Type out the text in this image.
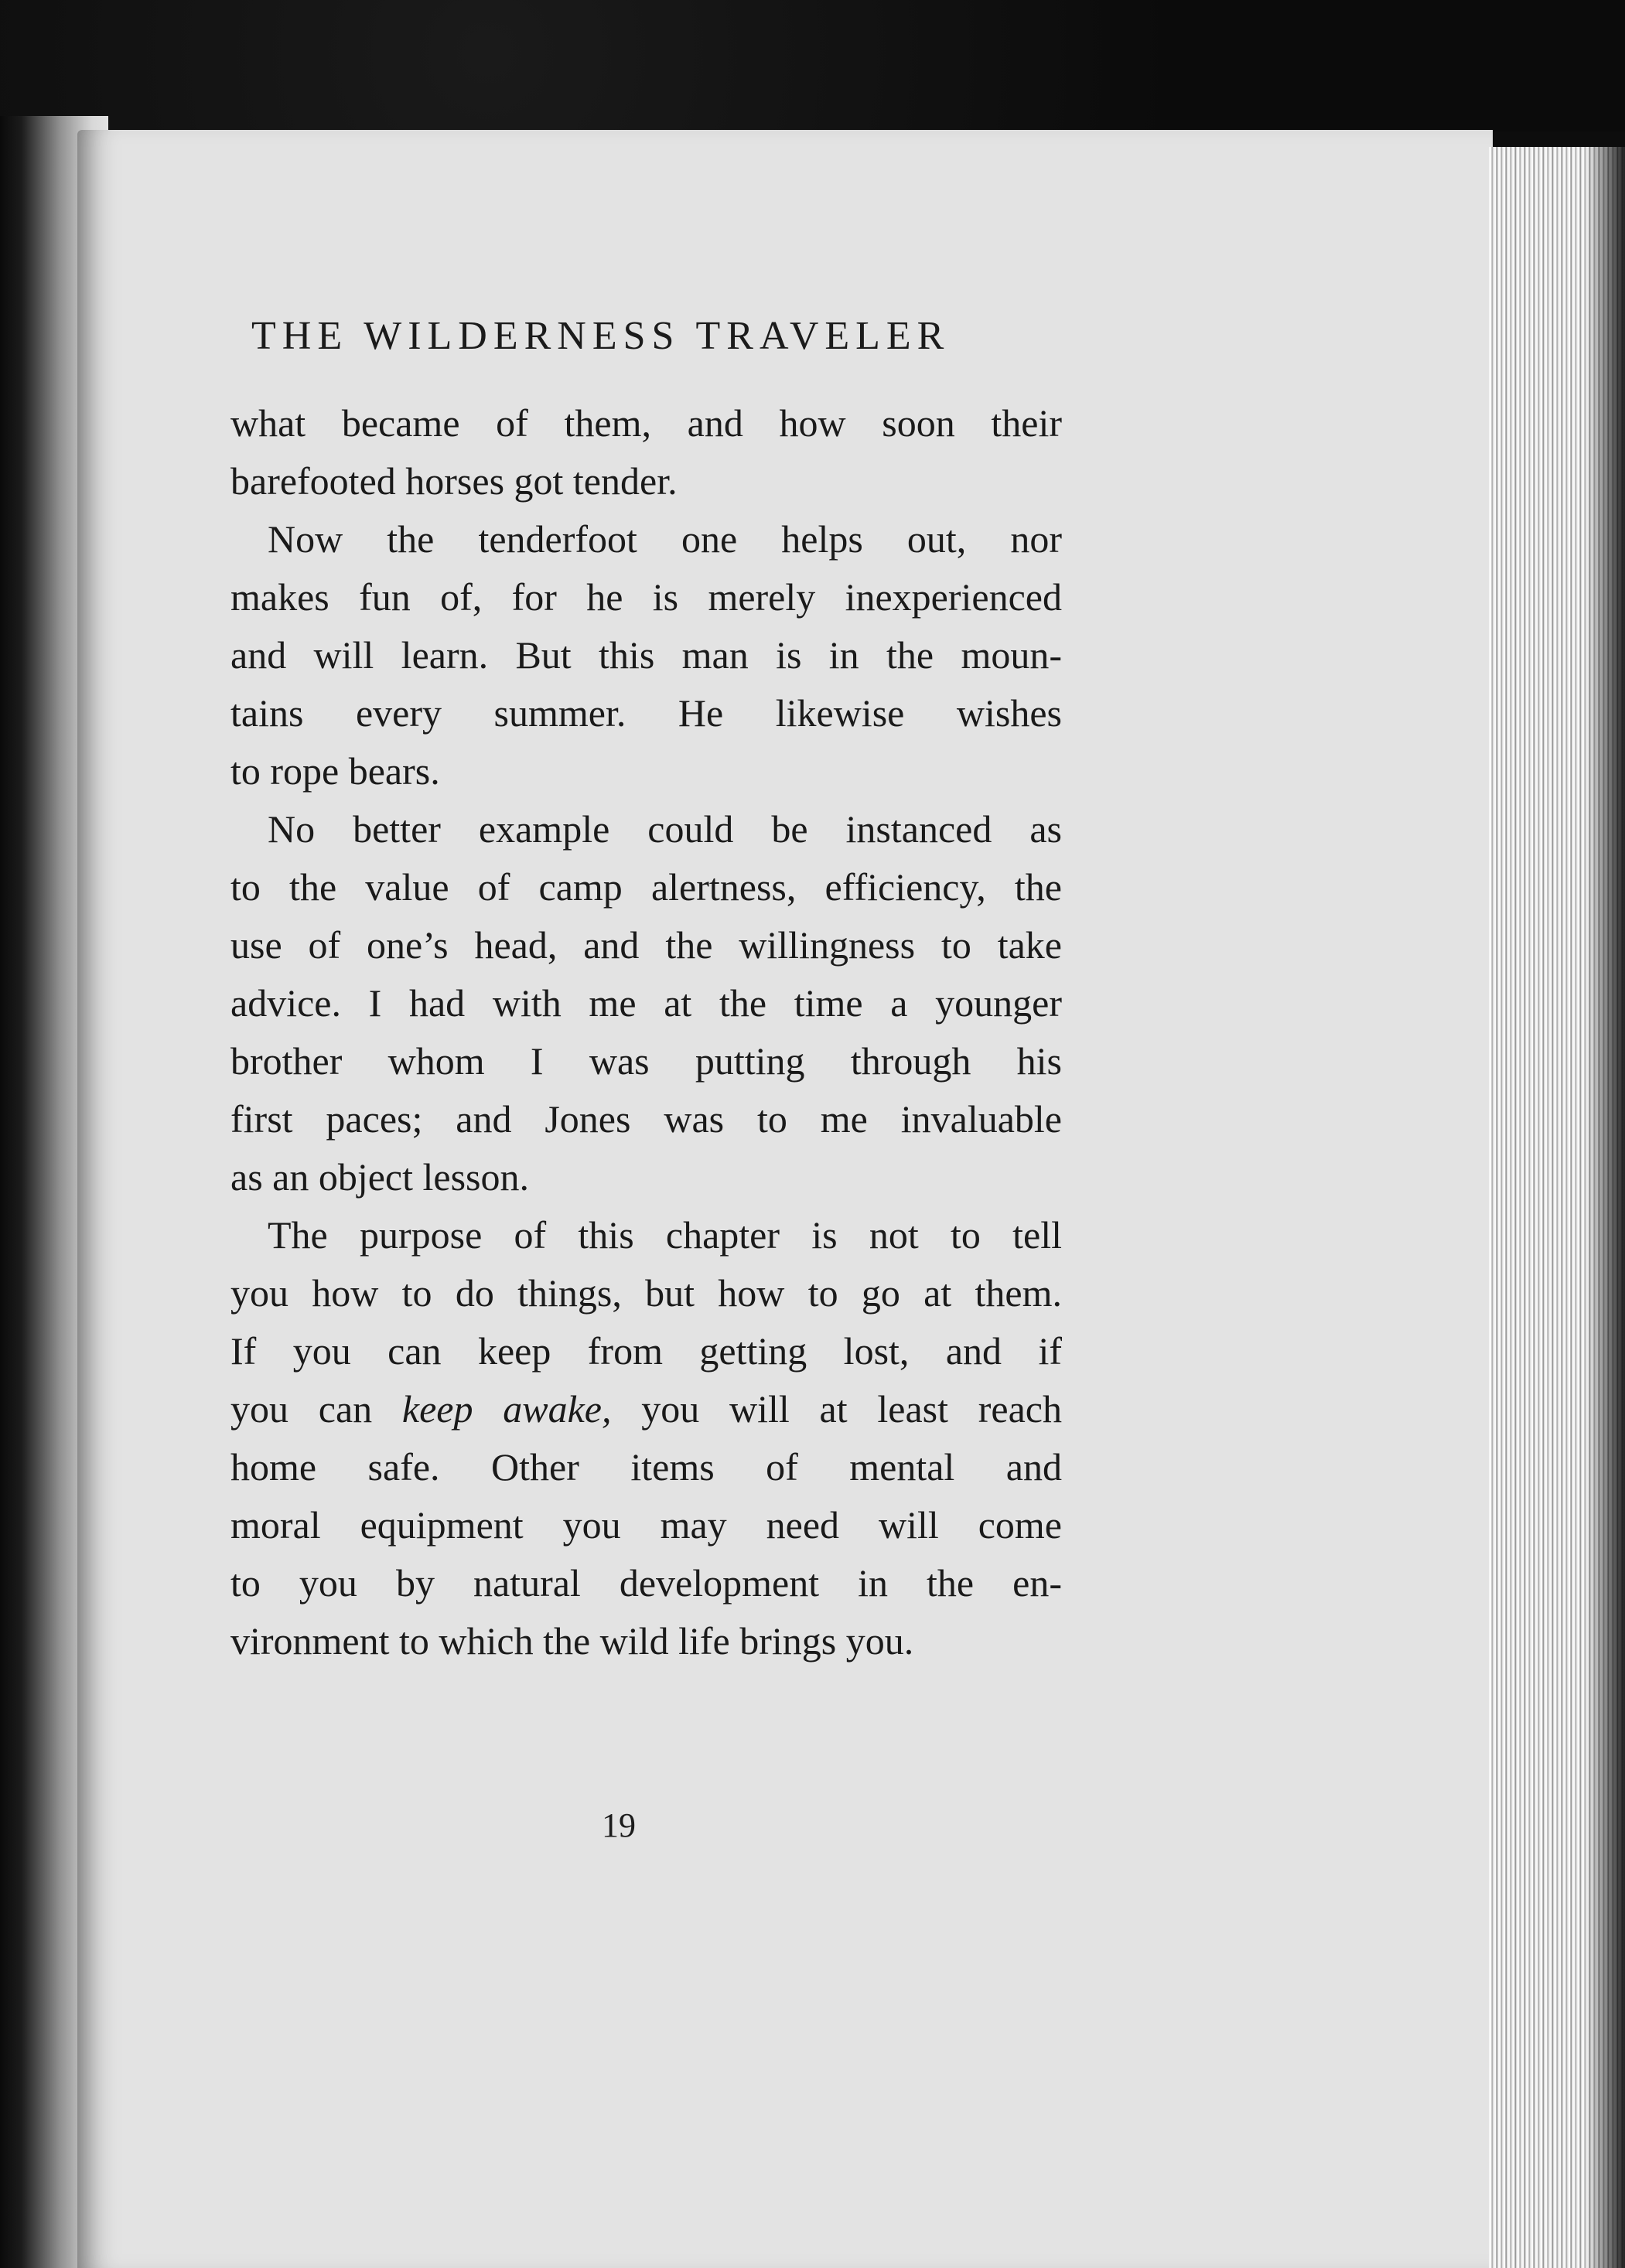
THE WILDERNESS TRAVELER
what became of them, and how soon their
barefooted horses got tender.
Now the tenderfoot one helps out, nor
makes fun of, for he is merely inexperienced
and will learn. But this man is in the moun-
tains every summer. He likewise wishes
to rope bears.
No better example could be instanced as
to the value of camp alertness, efficiency, the
use of one’s head, and the willingness to take
advice. I had with me at the time a younger
brother whom I was putting through his
first paces; and Jones was to me invaluable
as an object lesson.
The purpose of this chapter is not to tell
you how to do things, but how to go at them.
If you can keep from getting lost, and if
you can keep awake, you will at least reach
home safe. Other items of mental and
moral equipment you may need will come
to you by natural development in the en-
vironment to which the wild life brings you.
19
